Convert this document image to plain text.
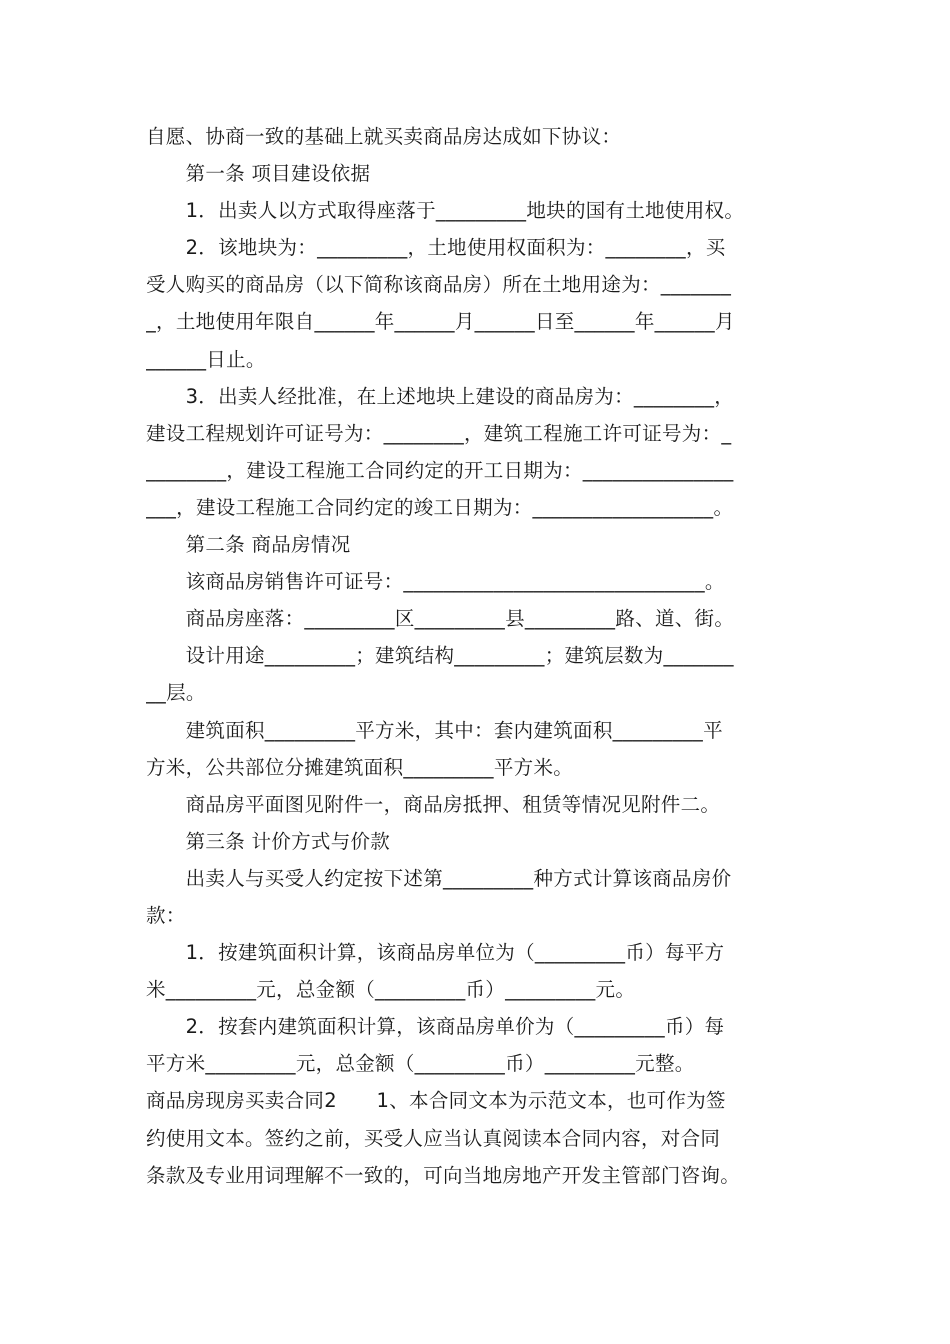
自愿、协商一致的基础上就买卖商品房达成如下协议：
　　第一条 项目建设依据
　　1．出卖人以方式取得座落于_________地块的国有土地使用权。
　　2．该地块为：_________，土地使用权面积为：________，买
受人购买的商品房（以下简称该商品房）所在土地用途为：_______
_，土地使用年限自______年______月______日至______年______月
______日止。
　　3．出卖人经批准，在上述地块上建设的商品房为：________，
建设工程规划许可证号为：________，建筑工程施工许可证号为：_
________，建设工程施工合同约定的开工日期为：_______________
___，建设工程施工合同约定的竣工日期为：__________________。
　　第二条 商品房情况
　　该商品房销售许可证号：______________________________。
　　商品房座落：_________区_________县_________路、道、街。
　　设计用途_________；建筑结构_________；建筑层数为_______
__层。
　　建筑面积_________平方米，其中：套内建筑面积_________平
方米，公共部位分摊建筑面积_________平方米。
　　商品房平面图见附件一，商品房抵押、租赁等情况见附件二。
　　第三条 计价方式与价款
　　出卖人与买受人约定按下述第_________种方式计算该商品房价
款：
　　1．按建筑面积计算，该商品房单位为（_________币）每平方
米_________元，总金额（_________币）_________元。
　　2．按套内建筑面积计算，该商品房单价为（_________币）每
平方米_________元，总金额（_________币）_________元整。
商品房现房买卖合同2　　1、本合同文本为示范文本，也可作为签
约使用文本。签约之前，买受人应当认真阅读本合同内容，对合同
条款及专业用词理解不一致的，可向当地房地产开发主管部门咨询。
